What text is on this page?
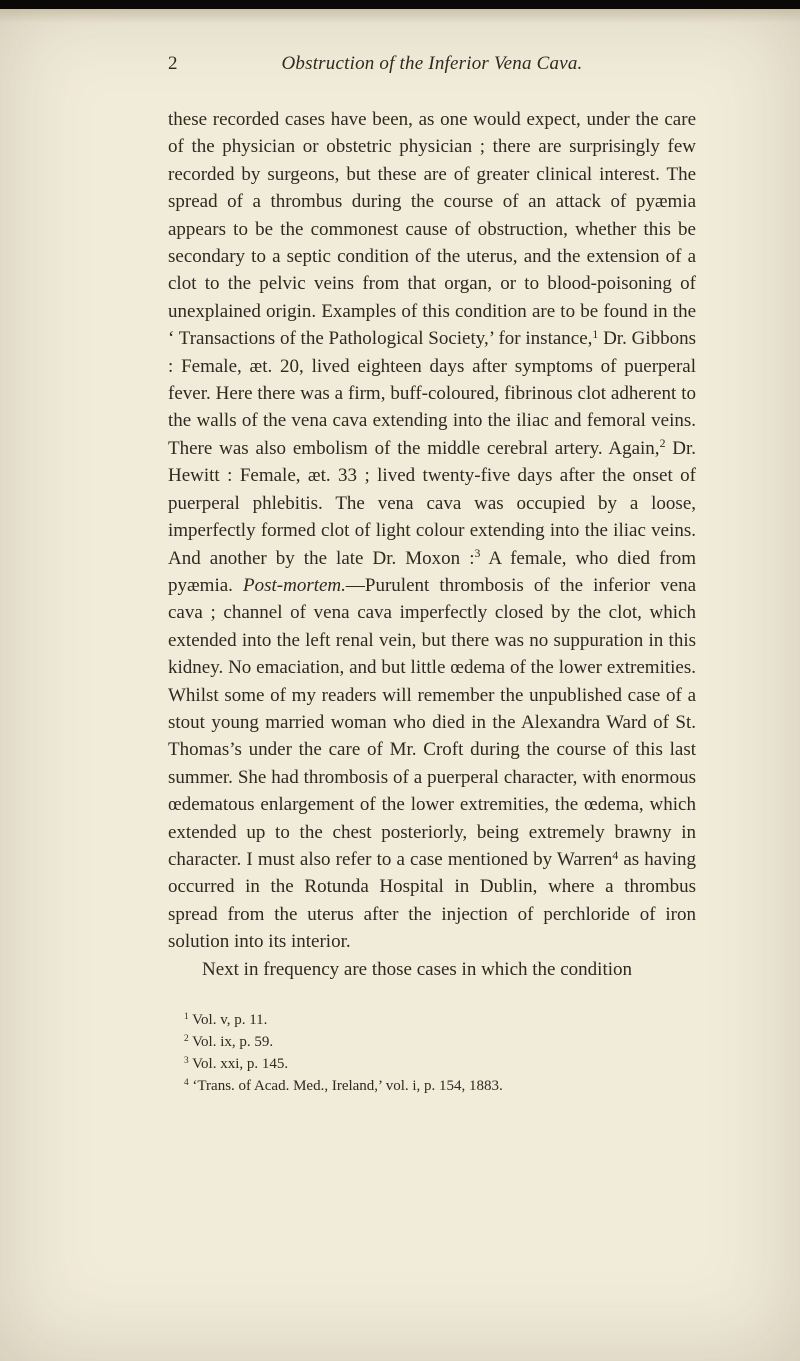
2	Obstruction of the Inferior Vena Cava.

these recorded cases have been, as one would expect, under the care of the physician or obstetric physician ; there are surprisingly few recorded by surgeons, but these are of greater clinical interest. The spread of a thrombus during the course of an attack of pyæmia appears to be the commonest cause of obstruction, whether this be secondary to a septic condition of the uterus, and the extension of a clot to the pelvic veins from that organ, or to blood-poisoning of unexplained origin. Examples of this condition are to be found in the ‘ Transactions of the Pathological Society,’ for instance,$^1$ Dr. Gibbons : Female, æt. 20, lived eighteen days after symptoms of puerperal fever. Here there was a firm, buff-coloured, fibrinous clot adherent to the walls of the vena cava extending into the iliac and femoral veins. There was also embolism of the middle cerebral artery. Again,$^2$ Dr. Hewitt : Female, æt. 33 ; lived twenty-five days after the onset of puerperal phlebitis. The vena cava was occupied by a loose, imperfectly formed clot of light colour extending into the iliac veins. And another by the late Dr. Moxon :$^3$ A female, who died from pyæmia. Post-mortem.—Purulent thrombosis of the inferior vena cava ; channel of vena cava imperfectly closed by the clot, which extended into the left renal vein, but there was no suppuration in this kidney. No emaciation, and but little œdema of the lower extremities. Whilst some of my readers will remember the unpublished case of a stout young married woman who died in the Alexandra Ward of St. Thomas’s under the care of Mr. Croft during the course of this last summer. She had thrombosis of a puerperal character, with enormous œdematous enlargement of the lower extremities, the œdema, which extended up to the chest posteriorly, being extremely brawny in character. I must also refer to a case mentioned by Warren$^4$ as having occurred in the Rotunda Hospital in Dublin, where a thrombus spread from the uterus after the injection of perchloride of iron solution into its interior.

Next in frequency are those cases in which the condition

$^1$ Vol. v, p. 11.

$^2$ Vol. ix, p. 59.

$^3$ Vol. xxi, p. 145.

$^4$ ‘Trans. of Acad. Med., Ireland,’ vol. i, p. 154, 1883.
